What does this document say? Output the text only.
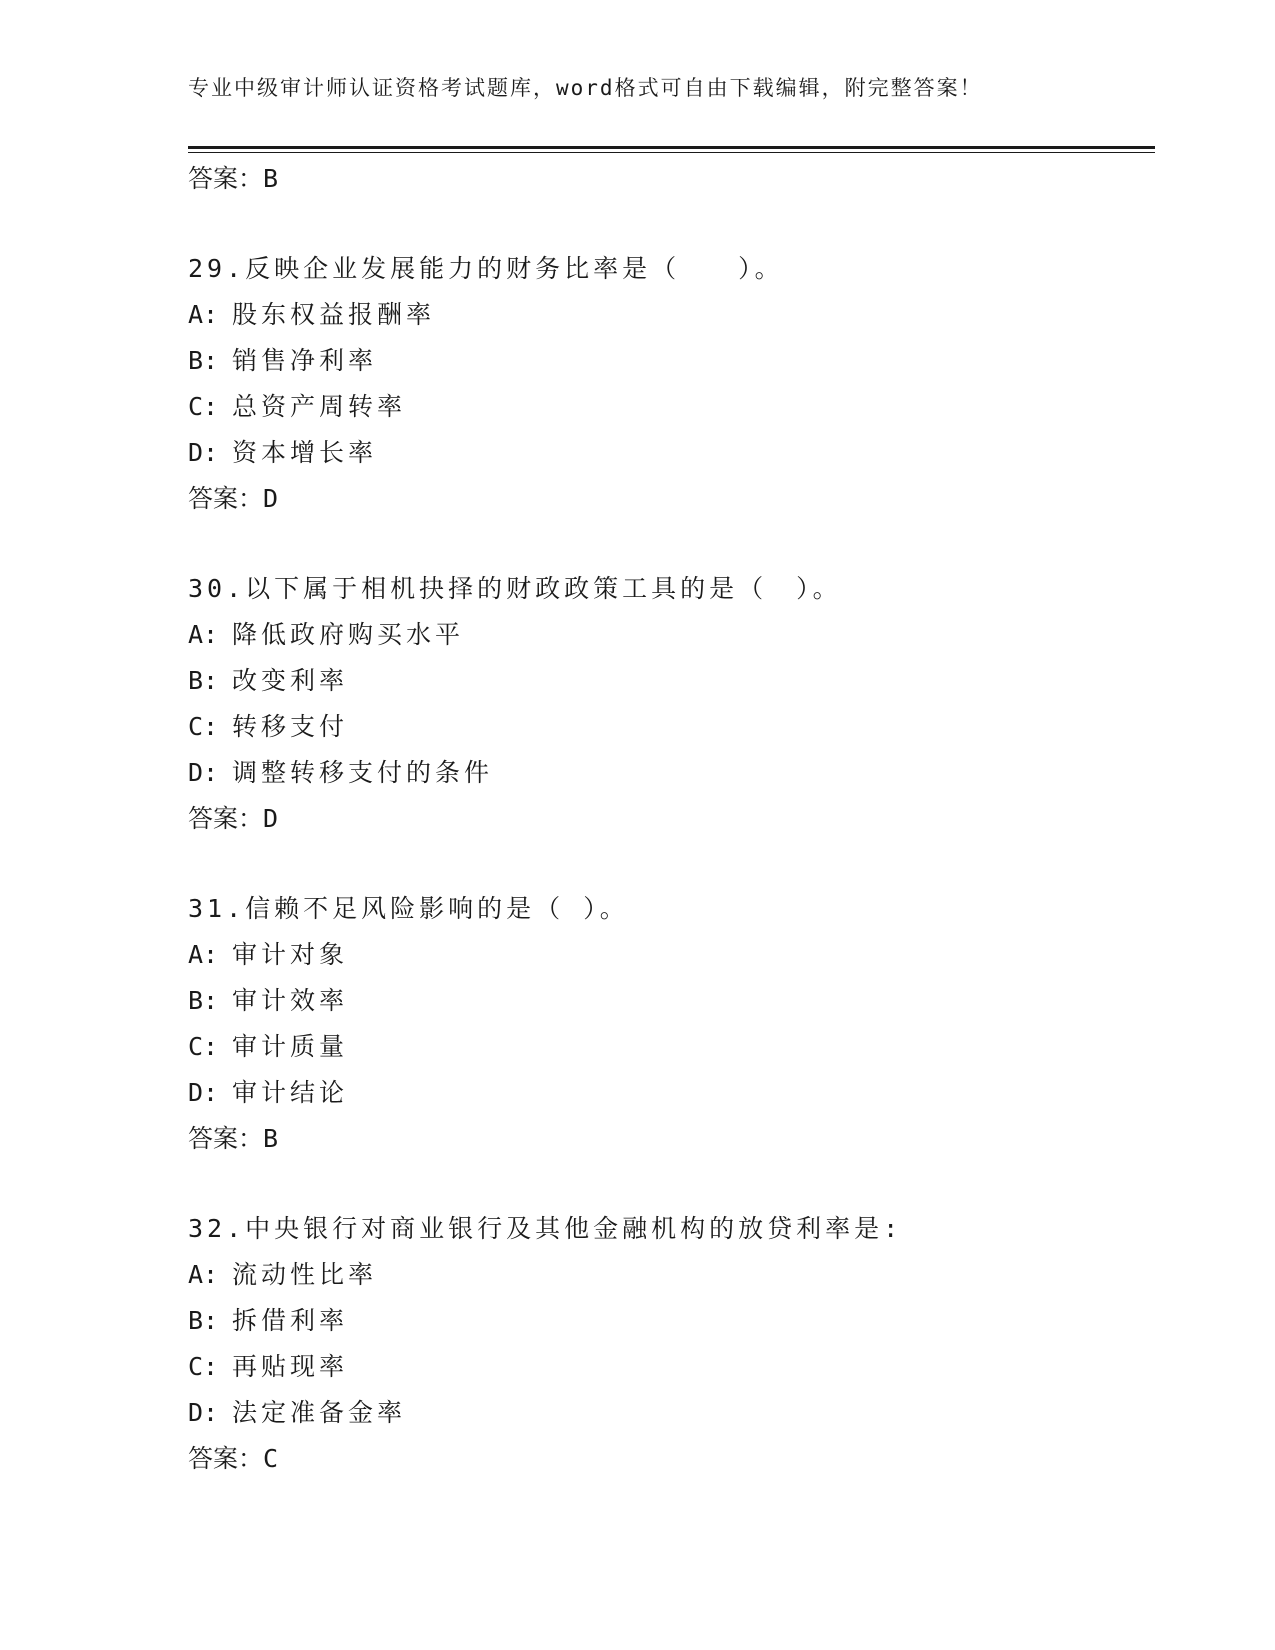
专业中级审计师认证资格考试题库，word格式可自由下载编辑，附完整答案！
答案：B
29.反映企业发展能力的财务比率是（　　）。
A: 股东权益报酬率
B: 销售净利率
C: 总资产周转率
D: 资本增长率
答案：D
30.以下属于相机抉择的财政政策工具的是（　）。
A: 降低政府购买水平
B: 改变利率
C: 转移支付
D: 调整转移支付的条件
答案：D
31.信赖不足风险影响的是（ ）。
A: 审计对象
B: 审计效率
C: 审计质量
D: 审计结论
答案：B
32.中央银行对商业银行及其他金融机构的放贷利率是:
A: 流动性比率
B: 拆借利率
C: 再贴现率
D: 法定准备金率
答案：C
